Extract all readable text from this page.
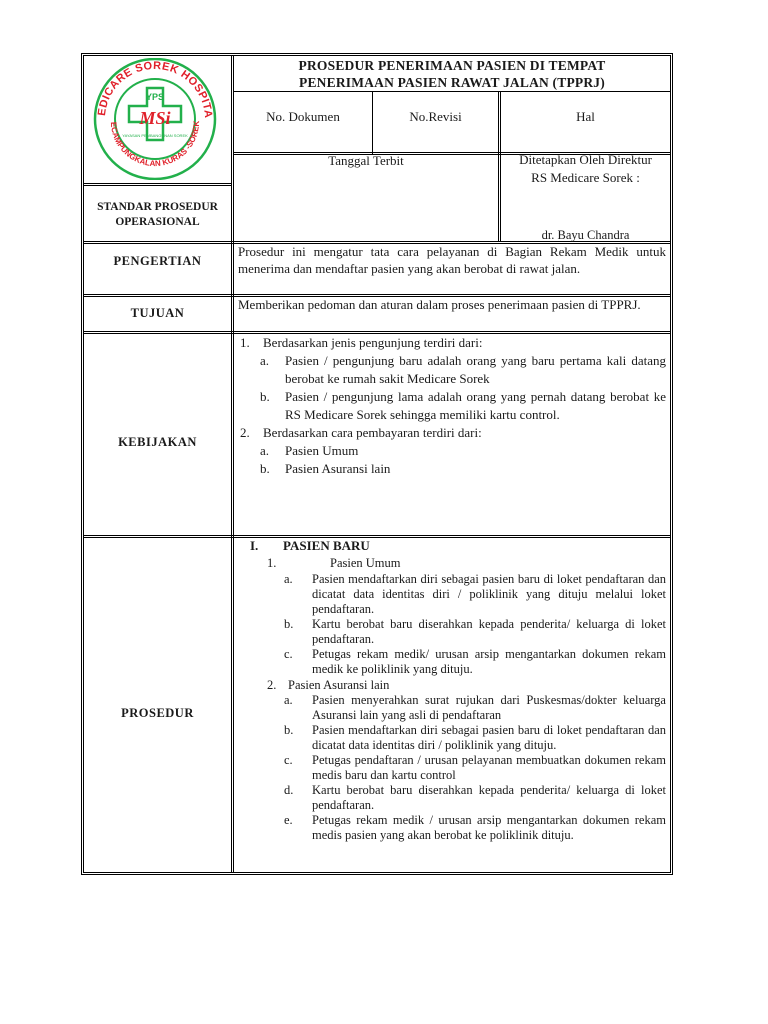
EDICARE SOREK HOSPITA
ECAMPUNGKALAN KURAS -SOREK
YPS
MSi
YAYASAN PEMBANGUNAN SOREK
PROSEDUR PENERIMAAN PASIEN DI TEMPAT
PENERIMAAN PASIEN RAWAT JALAN (TPPRJ)
No. Dokumen	No.Revisi	Hal
Tanggal Terbit	Ditetapkan Oleh Direktur
RS Medicare Sorek :
dr. Bayu Chandra
STANDAR PROSEDUR
OPERASIONAL
PENGERTIAN
Prosedur ini mengatur tata cara pelayanan di Bagian Rekam Medik untuk menerima dan mendaftar pasien yang akan berobat di rawat jalan.
TUJUAN
Memberikan pedoman dan aturan dalam proses penerimaan pasien di TPPRJ.
KEBIJAKAN
1. Berdasarkan jenis pengunjung terdiri dari:
a. Pasien / pengunjung baru adalah orang yang baru pertama kali datang berobat ke rumah sakit Medicare Sorek
b. Pasien / pengunjung lama adalah orang yang pernah datang berobat ke RS Medicare Sorek sehingga memiliki kartu control.
2. Berdasarkan cara pembayaran terdiri dari:
a. Pasien Umum
b. Pasien Asuransi lain
PROSEDUR
I. PASIEN BARU
1.	Pasien Umum
a. Pasien mendaftarkan diri sebagai pasien baru di loket pendaftaran dan dicatat data identitas diri / poliklinik yang dituju melalui loket pendaftaran.
b. Kartu berobat baru diserahkan kepada penderita/ keluarga di loket pendaftaran.
c. Petugas rekam medik/ urusan arsip mengantarkan dokumen rekam medik ke poliklinik yang dituju.
2. Pasien Asuransi lain
a. Pasien menyerahkan surat rujukan dari Puskesmas/dokter keluarga Asuransi lain yang asli di pendaftaran
b. Pasien mendaftarkan diri sebagai pasien baru di loket pendaftaran dan dicatat data identitas diri / poliklinik yang dituju.
c. Petugas pendaftaran / urusan pelayanan membuatkan dokumen rekam medis baru dan kartu control
d. Kartu berobat baru diserahkan kepada penderita/ keluarga di loket pendaftaran.
e. Petugas rekam medik / urusan arsip mengantarkan dokumen rekam medis pasien yang akan berobat ke poliklinik dituju.
